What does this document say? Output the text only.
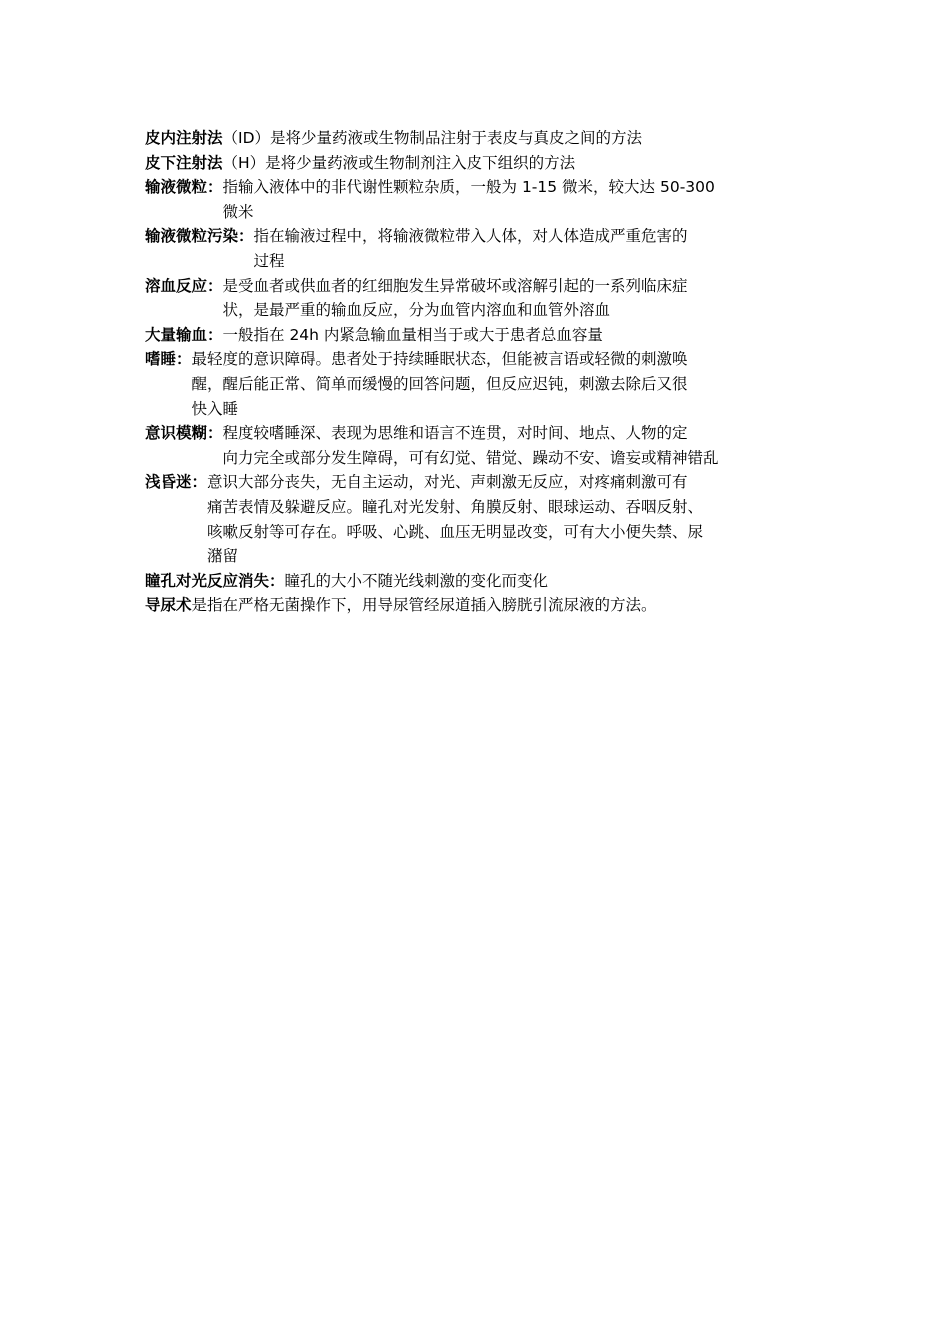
皮内注射法 （ID）是将少量药液或生物制品注射于表皮与真皮之间的方法
皮下注射法 （H）是将少量药液或生物制剂注入皮下组织的方法
输液微粒： 指输入液体中的非代谢性颗粒杂质，一般为 1-15 微米，较大达 50-300
微米
输液微粒污染： 指在输液过程中，将输液微粒带入人体，对人体造成严重危害的
过程
溶血反应： 是受血者或供血者的红细胞发生异常破坏或溶解引起的一系列临床症
状，是最严重的输血反应，分为血管内溶血和血管外溶血
大量输血： 一般指在 24h 内紧急输血量相当于或大于患者总血容量
嗜睡： 最轻度的意识障碍。患者处于持续睡眠状态，但能被言语或轻微的刺激唤
醒，醒后能正常、简单而缓慢的回答问题，但反应迟钝，刺激去除后又很
快入睡
意识模糊： 程度较嗜睡深、表现为思维和语言不连贯，对时间、地点、人物的定
向力完全或部分发生障碍，可有幻觉、错觉、躁动不安、谵妄或精神错乱
浅昏迷： 意识大部分丧失，无自主运动，对光、声刺激无反应，对疼痛刺激可有
痛苦表情及躲避反应。瞳孔对光发射、角膜反射、眼球运动、吞咽反射、
咳嗽反射等可存在。呼吸、心跳、血压无明显改变，可有大小便失禁、尿
潴留
瞳孔对光反应消失： 瞳孔的大小不随光线刺激的变化而变化
导尿术 是指在严格无菌操作下，用导尿管经尿道插入膀胱引流尿液的方法。
